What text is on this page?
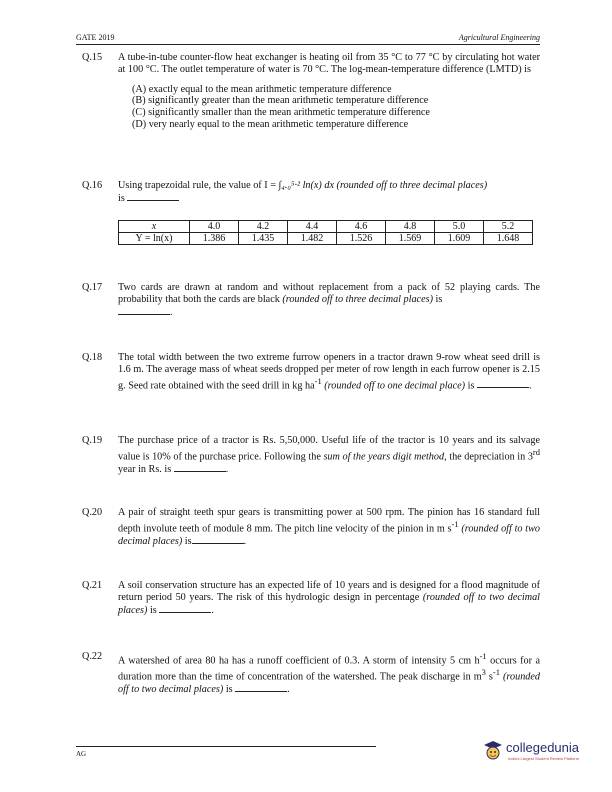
GATE 2019	Agricultural Engineering
Q.15 A tube-in-tube counter-flow heat exchanger is heating oil from 35 °C to 77 °C by circulating hot water at 100 °C. The outlet temperature of water is 70 °C. The log-mean-temperature difference (LMTD) is
(A) exactly equal to the mean arithmetic temperature difference
(B) significantly greater than the mean arithmetic temperature difference
(C) significantly smaller than the mean arithmetic temperature difference
(D) very nearly equal to the mean arithmetic temperature difference
Q.16 Using trapezoidal rule, the value of I = ∫₄.₀⁵·² ln(x) dx (rounded off to three decimal places)
is
x	4.0	4.2	4.4	4.6	4.8	5.0	5.2
Y = ln(x)	1.386	1.435	1.482	1.526	1.569	1.609	1.648
Q.17 Two cards are drawn at random and without replacement from a pack of 52 playing cards. The probability that both the cards are black (rounded off to three decimal places) is
.
Q.18 The total width between the two extreme furrow openers in a tractor drawn 9-row wheat seed drill is 1.6 m. The average mass of wheat seeds dropped per meter of row length in each furrow opener is 2.15 g. Seed rate obtained with the seed drill in kg $ha^{-1}$ (rounded off to one decimal place) is	.
Q.19 The purchase price of a tractor is Rs. 5,50,000. Useful life of the tractor is 10 years and its salvage value is 10% of the purchase price. Following the sum of the years digit method, the depreciation in 3rd year in Rs. is	.
Q.20 A pair of straight teeth spur gears is transmitting power at 500 rpm. The pinion has 16 standard full depth involute teeth of module 8 mm. The pitch line velocity of the pinion in m $s^{-1}$ (rounded off to two decimal places) is	.
Q.21 A soil conservation structure has an expected life of 10 years and is designed for a flood magnitude of return period 50 years. The risk of this hydrologic design in percentage (rounded off to two decimal places) is	.
Q.22 A watershed of area 80 ha has a runoff coefficient of 0.3. A storm of intensity 5 cm $h^{-1}$ occurs for a duration more than the time of concentration of the watershed. The peak discharge in $m^3$ $s^{-1}$ (rounded off to two decimal places) is	.
AG	collegedunia
India's Largest Student Review Platform
